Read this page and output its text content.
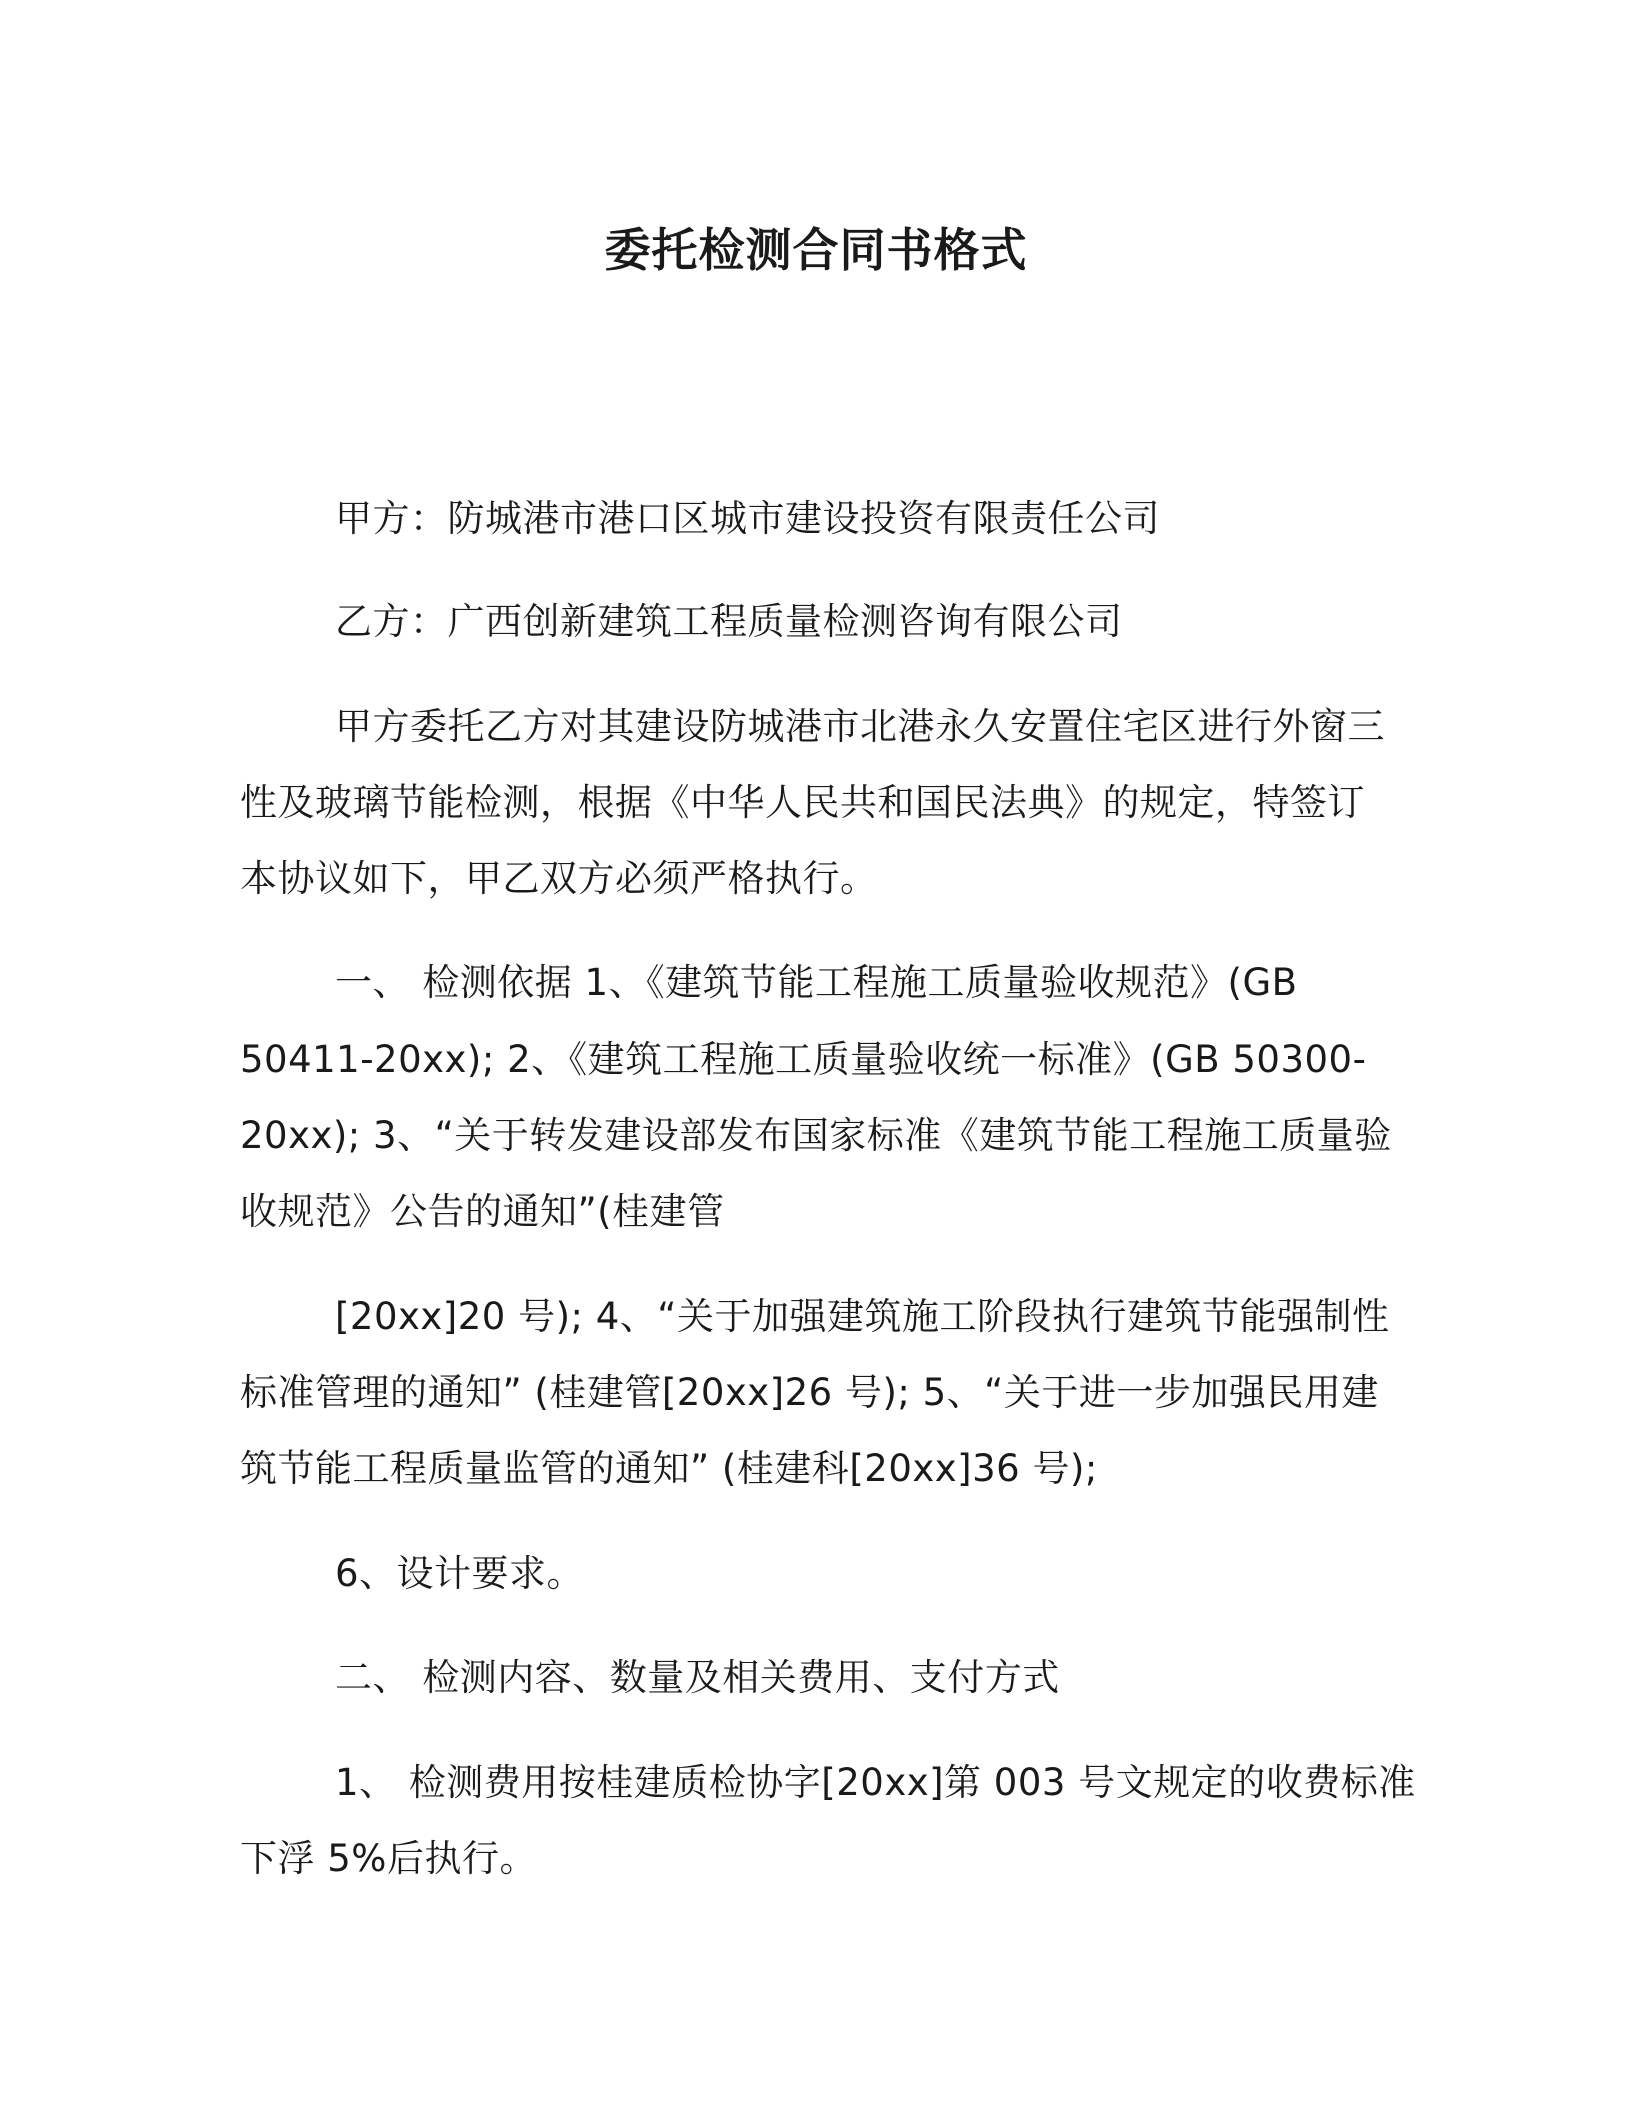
委托检测合同书格式
甲方：防城港市港口区城市建设投资有限责任公司
乙方：广西创新建筑工程质量检测咨询有限公司
甲方委托乙方对其建设防城港市北港永久安置住宅区进行外窗三
性及玻璃节能检测，根据《中华人民共和国民法典》的规定，特签订
本协议如下，甲乙双方必须严格执行。
一、 检测依据 1、《建筑节能工程施工质量验收规范》(GB
50411-20xx); 2、《建筑工程施工质量验收统一标准》(GB 50300-
20xx); 3、“关于转发建设部发布国家标准《建筑节能工程施工质量验
收规范》公告的通知”(桂建管
[20xx]20 号); 4、“关于加强建筑施工阶段执行建筑节能强制性
标准管理的通知” (桂建管[20xx]26 号); 5、“关于进一步加强民用建
筑节能工程质量监管的通知” (桂建科[20xx]36 号);
6、设计要求。
二、 检测内容、数量及相关费用、支付方式
1、 检测费用按桂建质检协字[20xx]第 003 号文规定的收费标准
下浮 5%后执行。
